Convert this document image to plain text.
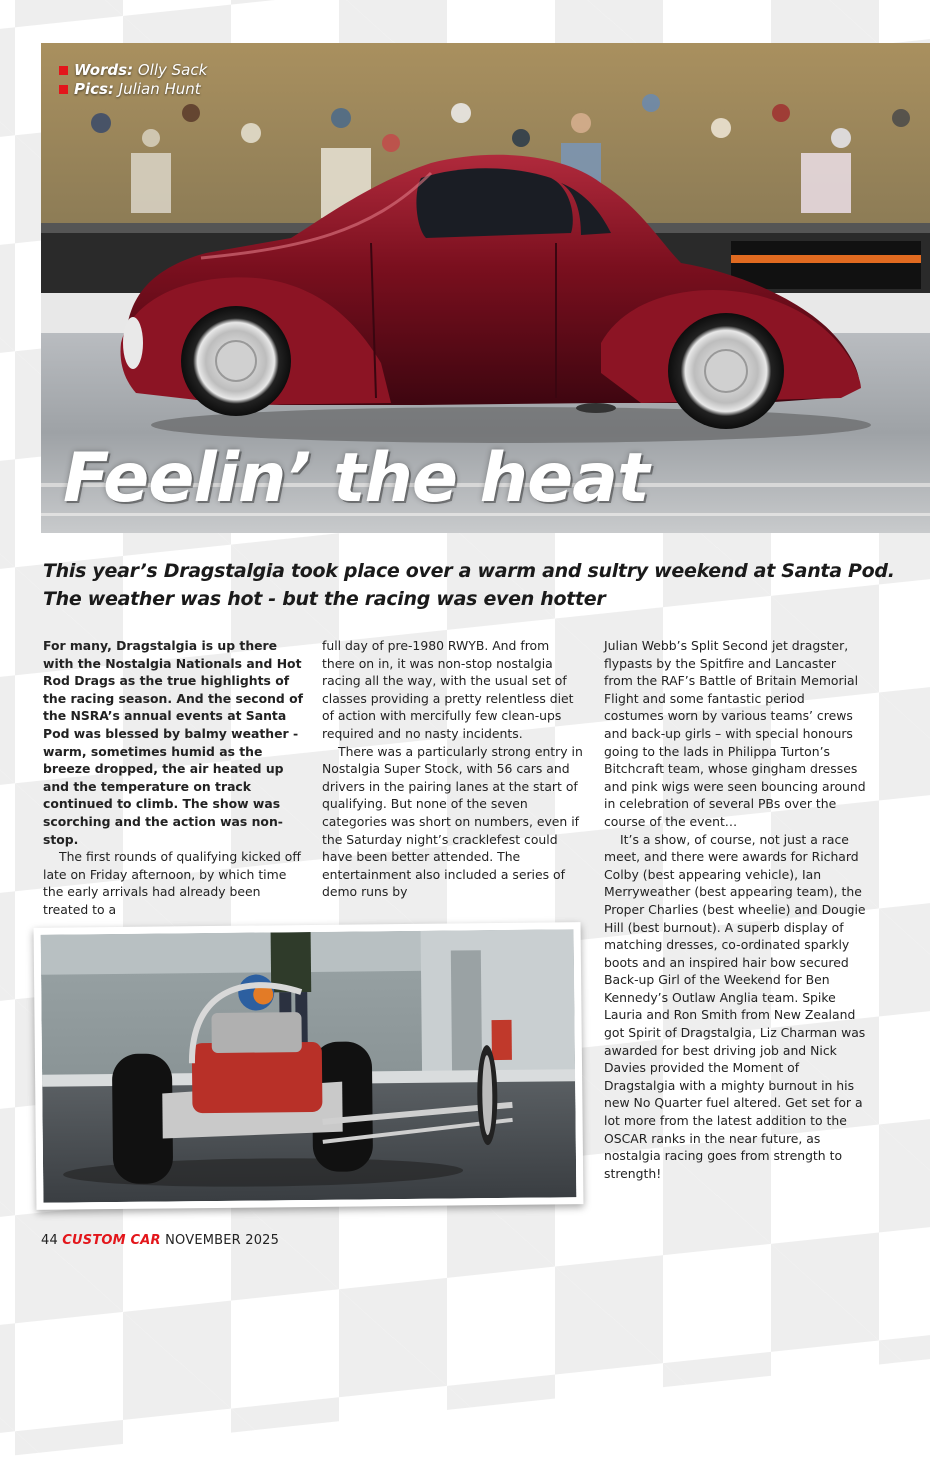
Words: Olly Sack
Pics: Julian Hunt
Feelin’ the heat
This year’s Dragstalgia took place over a warm and sultry weekend at Santa Pod.
The weather was hot - but the racing was even hotter

For many, Dragstalgia is up there with the Nostalgia Nationals and Hot Rod Drags as the true highlights of the racing season. And the second of the NSRA’s annual events at Santa Pod was blessed by balmy weather - warm, sometimes humid as the breeze dropped, the air heated up and the temperature on track continued to climb. The show was scorching and the action was non-stop.

The first rounds of qualifying kicked off late on Friday afternoon, by which time the early arrivals had already been treated to a

full day of pre-1980 RWYB. And from there on in, it was non-stop nostalgia racing all the way, with the usual set of classes providing a pretty relentless diet of action with mercifully few clean-ups required and no nasty incidents.

There was a particularly strong entry in Nostalgia Super Stock, with 56 cars and drivers in the pairing lanes at the start of qualifying. But none of the seven categories was short on numbers, even if the Saturday night’s cracklefest could have been better attended. The entertainment also included a series of demo runs by

Julian Webb’s Split Second jet dragster, flypasts by the Spitfire and Lancaster from the RAF’s Battle of Britain Memorial Flight and some fantastic period costumes worn by various teams’ crews and back-up girls – with special honours going to the lads in Philippa Turton’s Bitchcraft team, whose gingham dresses and pink wigs were seen bouncing around in celebration of several PBs over the course of the event…

It’s a show, of course, not just a race meet, and there were awards for Richard Colby (best appearing vehicle), Ian Merryweather (best appearing team), the Proper Charlies (best wheelie) and Dougie Hill (best burnout). A superb display of matching dresses, co-ordinated sparkly boots and an inspired hair bow secured Back-up Girl of the Weekend for Ben Kennedy’s Outlaw Anglia team. Spike Lauria and Ron Smith from New Zealand got Spirit of Dragstalgia, Liz Charman was awarded for best driving job and Nick Davies provided the Moment of Dragstalgia with a mighty burnout in his new No Quarter fuel altered. Get set for a lot more from the latest addition to the OSCAR ranks in the near future, as nostalgia racing goes from strength to strength!

44 CUSTOM CAR NOVEMBER 2025
